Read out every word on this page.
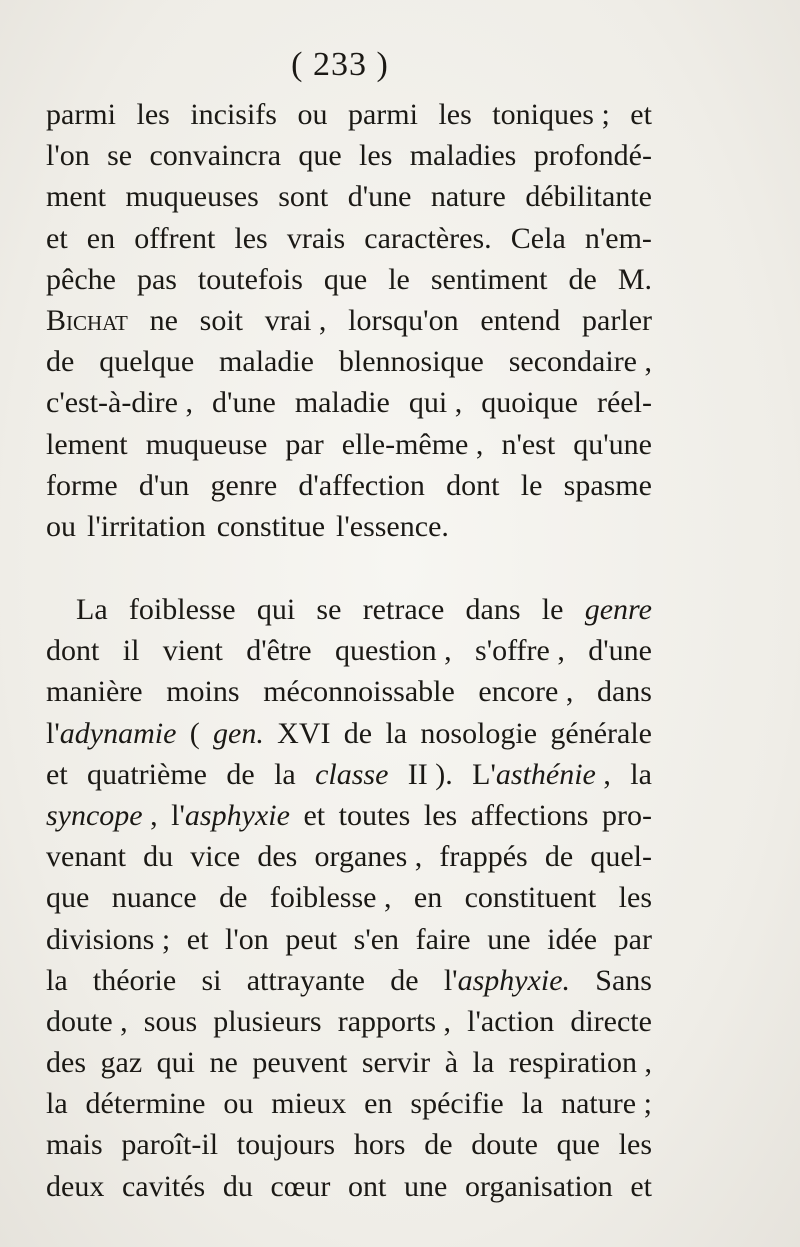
( 233 )
parmi les incisifs ou parmi les toniques ; et
l'on se convaincra que les maladies profondé-
ment muqueuses sont d'une nature débilitante
et en offrent les vrais caractères. Cela n'em-
pêche pas toutefois que le sentiment de M.
Bichat ne soit vrai , lorsqu'on entend parler
de quelque maladie blennosique secondaire ,
c'est-à-dire , d'une maladie qui , quoique réel-
lement muqueuse par elle-même , n'est qu'une
forme d'un genre d'affection dont le spasme
ou l'irritation constitue l'essence.
La foiblesse qui se retrace dans le genre
dont il vient d'être question , s'offre , d'une
manière moins méconnoissable encore , dans
l'adynamie ( gen. XVI de la nosologie générale
et quatrième de la classe II ). L'asthénie , la
syncope , l'asphyxie et toutes les affections pro-
venant du vice des organes , frappés de quel-
que nuance de foiblesse , en constituent les
divisions ; et l'on peut s'en faire une idée par
la théorie si attrayante de l'asphyxie. Sans
doute , sous plusieurs rapports , l'action directe
des gaz qui ne peuvent servir à la respiration ,
la détermine ou mieux en spécifie la nature ;
mais paroît-il toujours hors de doute que les
deux cavités du cœur ont une organisation et
